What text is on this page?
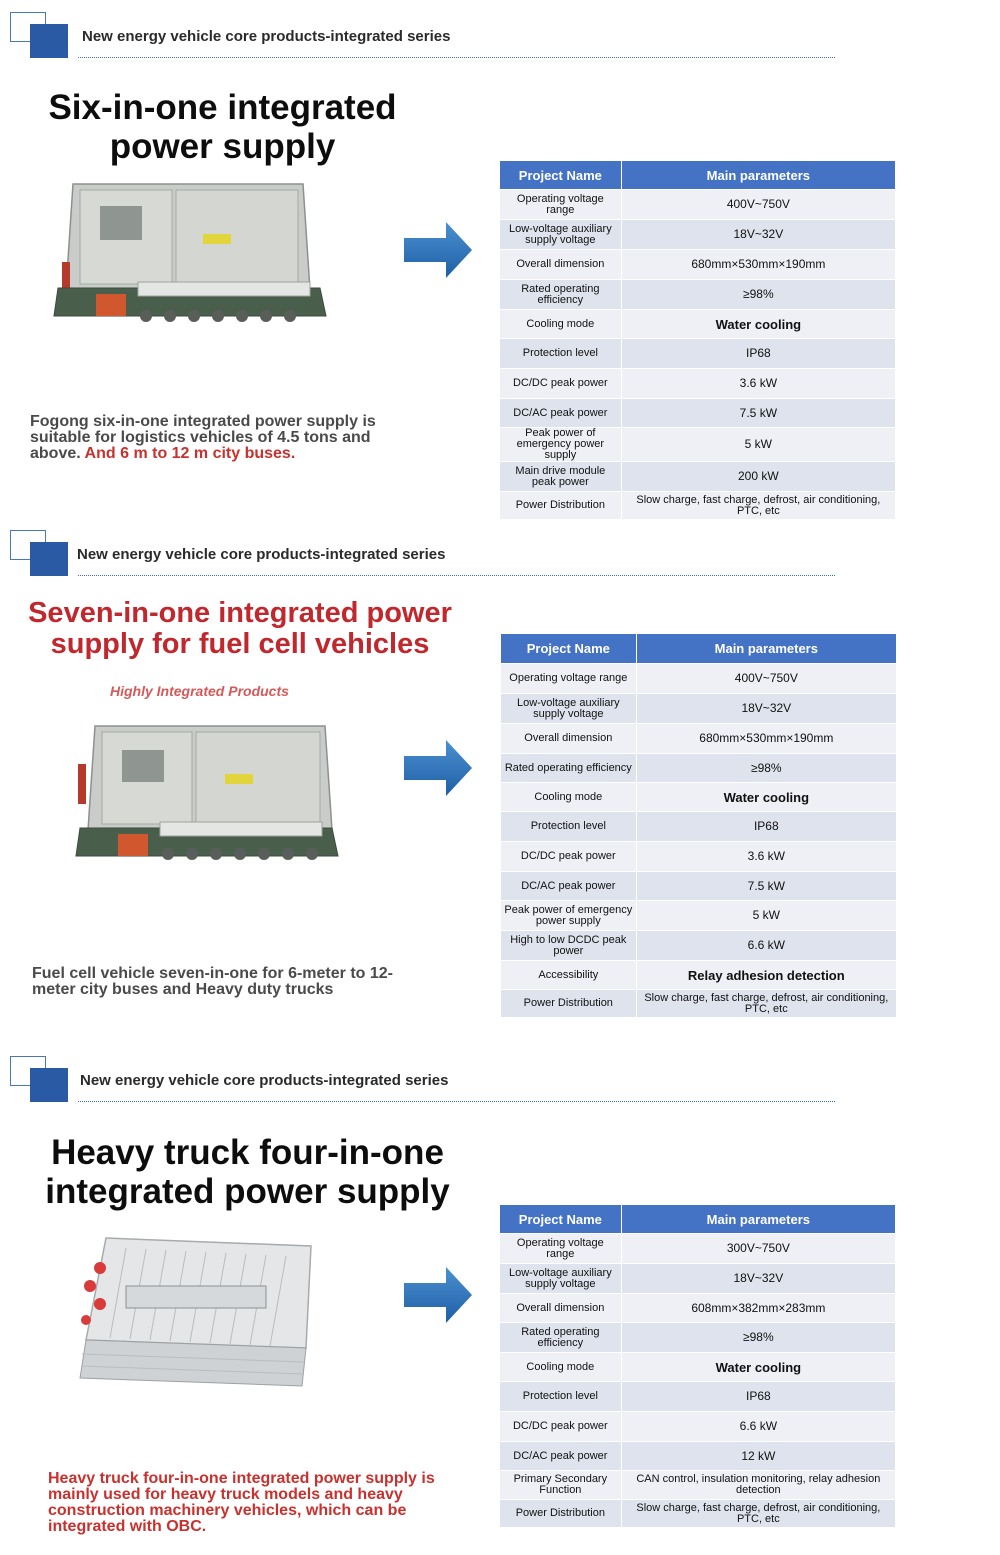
New energy vehicle core products-integrated series
Six-in-one integrated
power supply
Fogong six-in-one integrated power supply is suitable for logistics vehicles of 4.5 tons and above. And 6 m to 12 m city buses.
Project Name	Main parameters
Operating voltage range	400V~750V
Low-voltage auxiliary supply voltage	18V~32V
Overall dimension	680mm×530mm×190mm
Rated operating efficiency	≥98%
Cooling mode	Water cooling
Protection level	IP68
DC/DC peak power	3.6 kW
DC/AC peak power	7.5 kW
Peak power of emergency power supply	5 kW
Main drive module peak power	200 kW
Power Distribution	Slow charge, fast charge, defrost, air conditioning, PTC, etc
New energy vehicle core products-integrated series
Seven-in-one integrated power
supply for fuel cell vehicles
Highly Integrated Products
Fuel cell vehicle seven-in-one for 6-meter to 12-meter city buses and Heavy duty trucks
Project Name	Main parameters
Operating voltage range	400V~750V
Low-voltage auxiliary supply voltage	18V~32V
Overall dimension	680mm×530mm×190mm
Rated operating efficiency	≥98%
Cooling mode	Water cooling
Protection level	IP68
DC/DC peak power	3.6 kW
DC/AC peak power	7.5 kW
Peak power of emergency power supply	5 kW
High to low DCDC peak power	6.6 kW
Accessibility	Relay adhesion detection
Power Distribution	Slow charge, fast charge, defrost, air conditioning, PTC, etc
New energy vehicle core products-integrated series
Heavy truck four-in-one
integrated power supply
Heavy truck four-in-one integrated power supply is mainly used for heavy truck models and heavy construction machinery vehicles, which can be integrated with OBC.
Project Name	Main parameters
Operating voltage range	300V~750V
Low-voltage auxiliary supply voltage	18V~32V
Overall dimension	608mm×382mm×283mm
Rated operating efficiency	≥98%
Cooling mode	Water cooling
Protection level	IP68
DC/DC peak power	6.6 kW
DC/AC peak power	12 kW
Primary Secondary Function	CAN control, insulation monitoring, relay adhesion detection
Power Distribution	Slow charge, fast charge, defrost, air conditioning, PTC, etc
